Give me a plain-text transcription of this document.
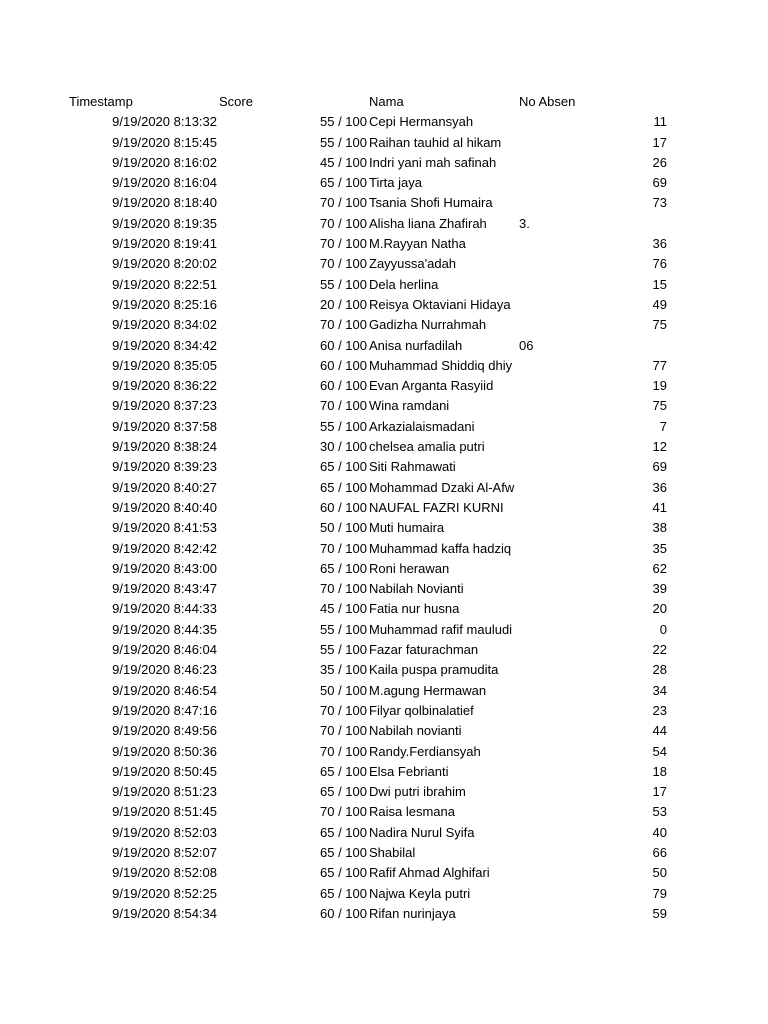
Timestamp	Score	Nama	No Absen
9/19/2020 8:13:32	55 / 100 Cepi Hermansyah	11
9/19/2020 8:15:45	55 / 100 Raihan tauhid al hikam	17
9/19/2020 8:16:02	45 / 100 Indri yani mah safinah	26
9/19/2020 8:16:04	65 / 100 Tirta jaya	69
9/19/2020 8:18:40	70 / 100 Tsania Shofi Humaira	73
9/19/2020 8:19:35	70 / 100 Alisha liana Zhafirah	3.
9/19/2020 8:19:41	70 / 100 M.Rayyan Natha	36
9/19/2020 8:20:02	70 / 100 Zayyussa'adah	76
9/19/2020 8:22:51	55 / 100 Dela herlina	15
9/19/2020 8:25:16	20 / 100 Reisya Oktaviani Hidaya	49
9/19/2020 8:34:02	70 / 100 Gadizha Nurrahmah	75
9/19/2020 8:34:42	60 / 100 Anisa nurfadilah	06
9/19/2020 8:35:05	60 / 100 Muhammad Shiddiq dhiy	77
9/19/2020 8:36:22	60 / 100 Evan Arganta Rasyiid	19
9/19/2020 8:37:23	70 / 100 Wina ramdani	75
9/19/2020 8:37:58	55 / 100 Arkazialaismadani	7
9/19/2020 8:38:24	30 / 100 chelsea amalia putri	12
9/19/2020 8:39:23	65 / 100 Siti Rahmawati	69
9/19/2020 8:40:27	65 / 100 Mohammad Dzaki Al-Afw	36
9/19/2020 8:40:40	60 / 100 NAUFAL FAZRI KURNI	41
9/19/2020 8:41:53	50 / 100 Muti humaira	38
9/19/2020 8:42:42	70 / 100 Muhammad kaffa hadziq	35
9/19/2020 8:43:00	65 / 100 Roni herawan	62
9/19/2020 8:43:47	70 / 100 Nabilah Novianti	39
9/19/2020 8:44:33	45 / 100 Fatia nur husna	20
9/19/2020 8:44:35	55 / 100 Muhammad rafif mauludi	0
9/19/2020 8:46:04	55 / 100 Fazar faturachman	22
9/19/2020 8:46:23	35 / 100 Kaila puspa pramudita	28
9/19/2020 8:46:54	50 / 100 M.agung Hermawan	34
9/19/2020 8:47:16	70 / 100 Filyar qolbinalatief	23
9/19/2020 8:49:56	70 / 100 Nabilah novianti	44
9/19/2020 8:50:36	70 / 100 Randy.Ferdiansyah	54
9/19/2020 8:50:45	65 / 100 Elsa Febrianti	18
9/19/2020 8:51:23	65 / 100 Dwi putri ibrahim	17
9/19/2020 8:51:45	70 / 100 Raisa lesmana	53
9/19/2020 8:52:03	65 / 100 Nadira Nurul Syifa	40
9/19/2020 8:52:07	65 / 100 Shabilal	66
9/19/2020 8:52:08	65 / 100 Rafif Ahmad Alghifari	50
9/19/2020 8:52:25	65 / 100 Najwa Keyla putri	79
9/19/2020 8:54:34	60 / 100 Rifan nurinjaya	59
